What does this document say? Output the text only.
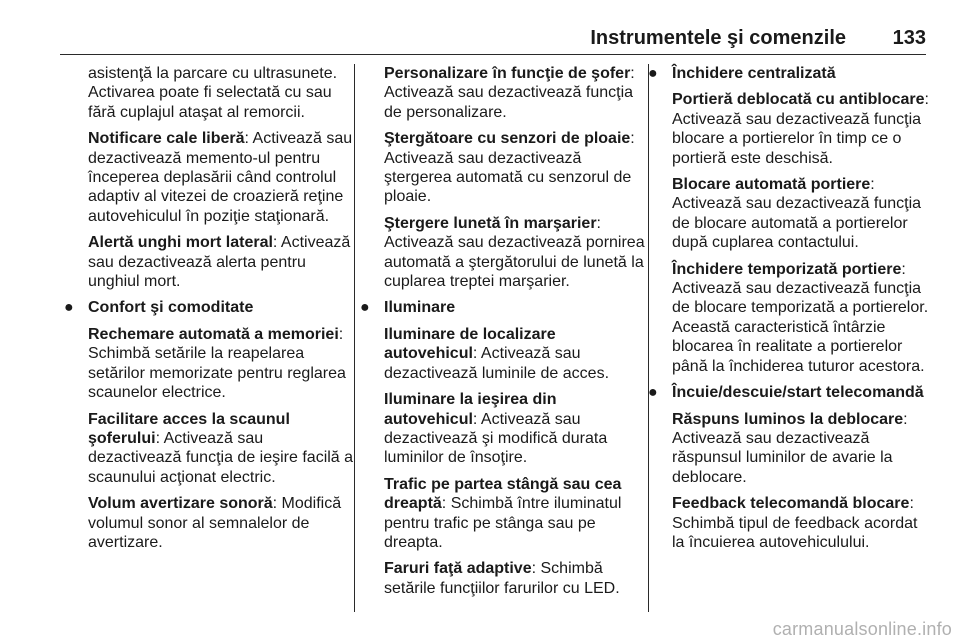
Instrumentele şi comenzile 133

asistenţă la parcare cu ultrasunete. Activarea poate fi selectată cu sau fără cuplajul ataşat al remorcii.

Notificare cale liberă: Activează sau dezactivează memento-ul pentru începerea deplasării când controlul adaptiv al vitezei de croazieră reţine autovehiculul în poziţie staţionară.
Alertă unghi mort lateral: Activează sau dezactivează alerta pentru unghiul mort.
● Confort şi comoditate
Rechemare automată a memoriei: Schimbă setările la reapelarea setărilor memorizate pentru reglarea scaunelor electrice.
Facilitare acces la scaunul şoferului: Activează sau dezactivează funcţia de ieşire facilă a scaunului acţionat electric.
Volum avertizare sonoră: Modifică volumul sonor al semnalelor de avertizare.
Personalizare în funcţie de şofer: Activează sau dezactivează funcţia de personalizare.
Ştergătoare cu senzori de ploaie: Activează sau dezactivează ştergerea automată cu senzorul de ploaie.
Ştergere lunetă în marşarier: Activează sau dezactivează pornirea automată a ştergătorului de lunetă la cuplarea treptei marşarier.
● Iluminare
Iluminare de localizare autovehicul: Activează sau dezactivează luminile de acces.
Iluminare la ieşirea din autovehicul: Activează sau dezactivează şi modifică durata luminilor de însoţire.
Trafic pe partea stângă sau cea dreaptă: Schimbă între iluminatul pentru trafic pe stânga sau pe dreapta.
Faruri faţă adaptive: Schimbă setările funcţiilor farurilor cu LED.
● Închidere centralizată
Portieră deblocată cu antiblocare: Activează sau dezactivează funcţia blocare a portierelor în timp ce o portieră este deschisă.
Blocare automată portiere: Activează sau dezactivează funcţia de blocare automată a portierelor după cuplarea contactului.
Închidere temporizată portiere: Activează sau dezactivează funcţia de blocare temporizată a portierelor. Această caracteristică întârzie blocarea în realitate a portierelor până la închiderea tuturor acestora.
● Încuie/descuie/start telecomandă
Răspuns luminos la deblocare: Activează sau dezactivează răspunsul luminilor de avarie la deblocare.
Feedback telecomandă blocare: Schimbă tipul de feedback acordat la încuierea autovehiculului.
carmanualsonline.info
